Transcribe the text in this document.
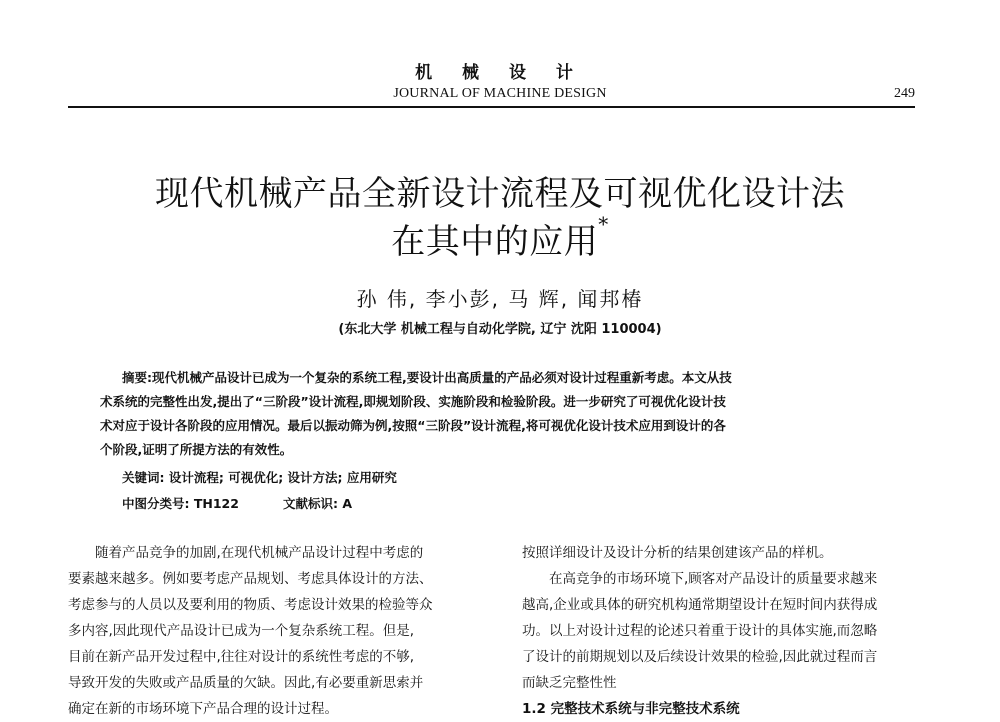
机 械 设 计
JOURNAL OF MACHINE DESIGN	249
现代机械产品全新设计流程及可视优化设计法
在其中的应用*
孙 伟, 李小彭, 马 辉, 闻邦椿
(东北大学 机械工程与自动化学院, 辽宁 沈阳 110004)
摘要:现代机械产品设计已成为一个复杂的系统工程,要设计出高质量的产品必须对设计过程重新考虑。本文从技
术系统的完整性出发,提出了“三阶段”设计流程,即规划阶段、实施阶段和检验阶段。进一步研究了可视优化设计技
术对应于设计各阶段的应用情况。最后以振动筛为例,按照“三阶段”设计流程,将可视优化设计技术应用到设计的各
个阶段,证明了所提方法的有效性。
关键词: 设计流程; 可视优化; 设计方法; 应用研究
中图分类号: TH122	文献标识: A
随着产品竞争的加剧,在现代机械产品设计过程中考虑的
要素越来越多。例如要考虑产品规划、考虑具体设计的方法、
考虑参与的人员以及要利用的物质、考虑设计效果的检验等众
多内容,因此现代产品设计已成为一个复杂系统工程。但是,
目前在新产品开发过程中,往往对设计的系统性考虑的不够,
导致开发的失败或产品质量的欠缺。因此,有必要重新思索并
确定在新的市场环境下产品合理的设计过程。
按照详细设计及设计分析的结果创建该产品的样机。
在高竞争的市场环境下,顾客对产品设计的质量要求越来
越高,企业或具体的研究机构通常期望设计在短时间内获得成
功。以上对设计过程的论述只着重于设计的具体实施,而忽略
了设计的前期规划以及后续设计效果的检验,因此就过程而言
而缺乏完整性性
1.2 完整技术系统与非完整技术系统
